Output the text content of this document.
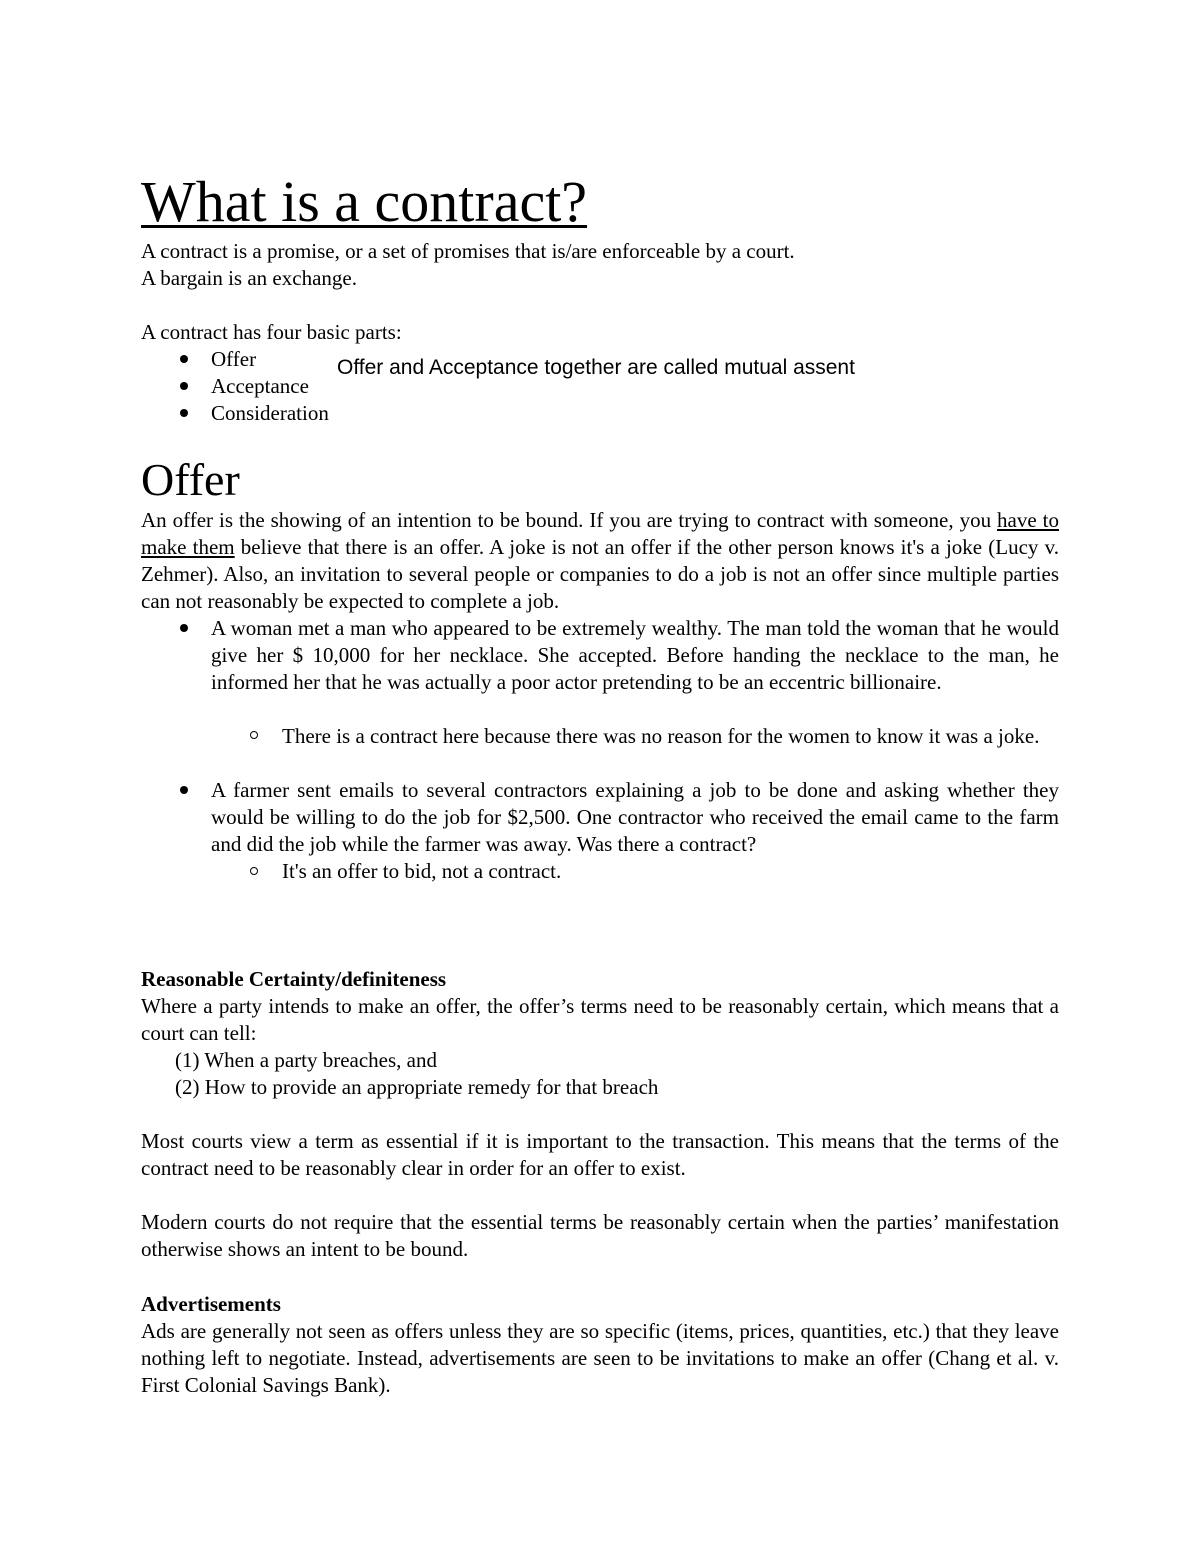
What is a contract?
A contract is a promise, or a set of promises that is/are enforceable by a court.
A bargain is an exchange.
A contract has four basic parts:
Offer
Acceptance
Consideration
Offer and Acceptance together are called mutual assent
Offer
An offer is the showing of an intention to be bound. If you are trying to contract with someone, you have to make them believe that there is an offer. A joke is not an offer if the other person knows it's a joke (Lucy v. Zehmer). Also, an invitation to several people or companies to do a job is not an offer since multiple parties can not reasonably be expected to complete a job.
A woman met a man who appeared to be extremely wealthy. The man told the woman that he would give her $ 10,000 for her necklace. She accepted. Before handing the necklace to the man, he informed her that he was actually a poor actor pretending to be an eccentric billionaire.
There is a contract here because there was no reason for the women to know it was a joke.
A farmer sent emails to several contractors explaining a job to be done and asking whether they would be willing to do the job for $2,500. One contractor who received the email came to the farm and did the job while the farmer was away. Was there a contract?
It's an offer to bid, not a contract.
Reasonable Certainty/definiteness
Where a party intends to make an offer, the offer’s terms need to be reasonably certain, which means that a court can tell:
(1) When a party breaches, and
(2) How to provide an appropriate remedy for that breach
Most courts view a term as essential if it is important to the transaction. This means that the terms of the contract need to be reasonably clear in order for an offer to exist.
Modern courts do not require that the essential terms be reasonably certain when the parties’ manifestation otherwise shows an intent to be bound.
Advertisements
Ads are generally not seen as offers unless they are so specific (items, prices, quantities, etc.) that they leave nothing left to negotiate. Instead, advertisements are seen to be invitations to make an offer (Chang et al. v. First Colonial Savings Bank).
